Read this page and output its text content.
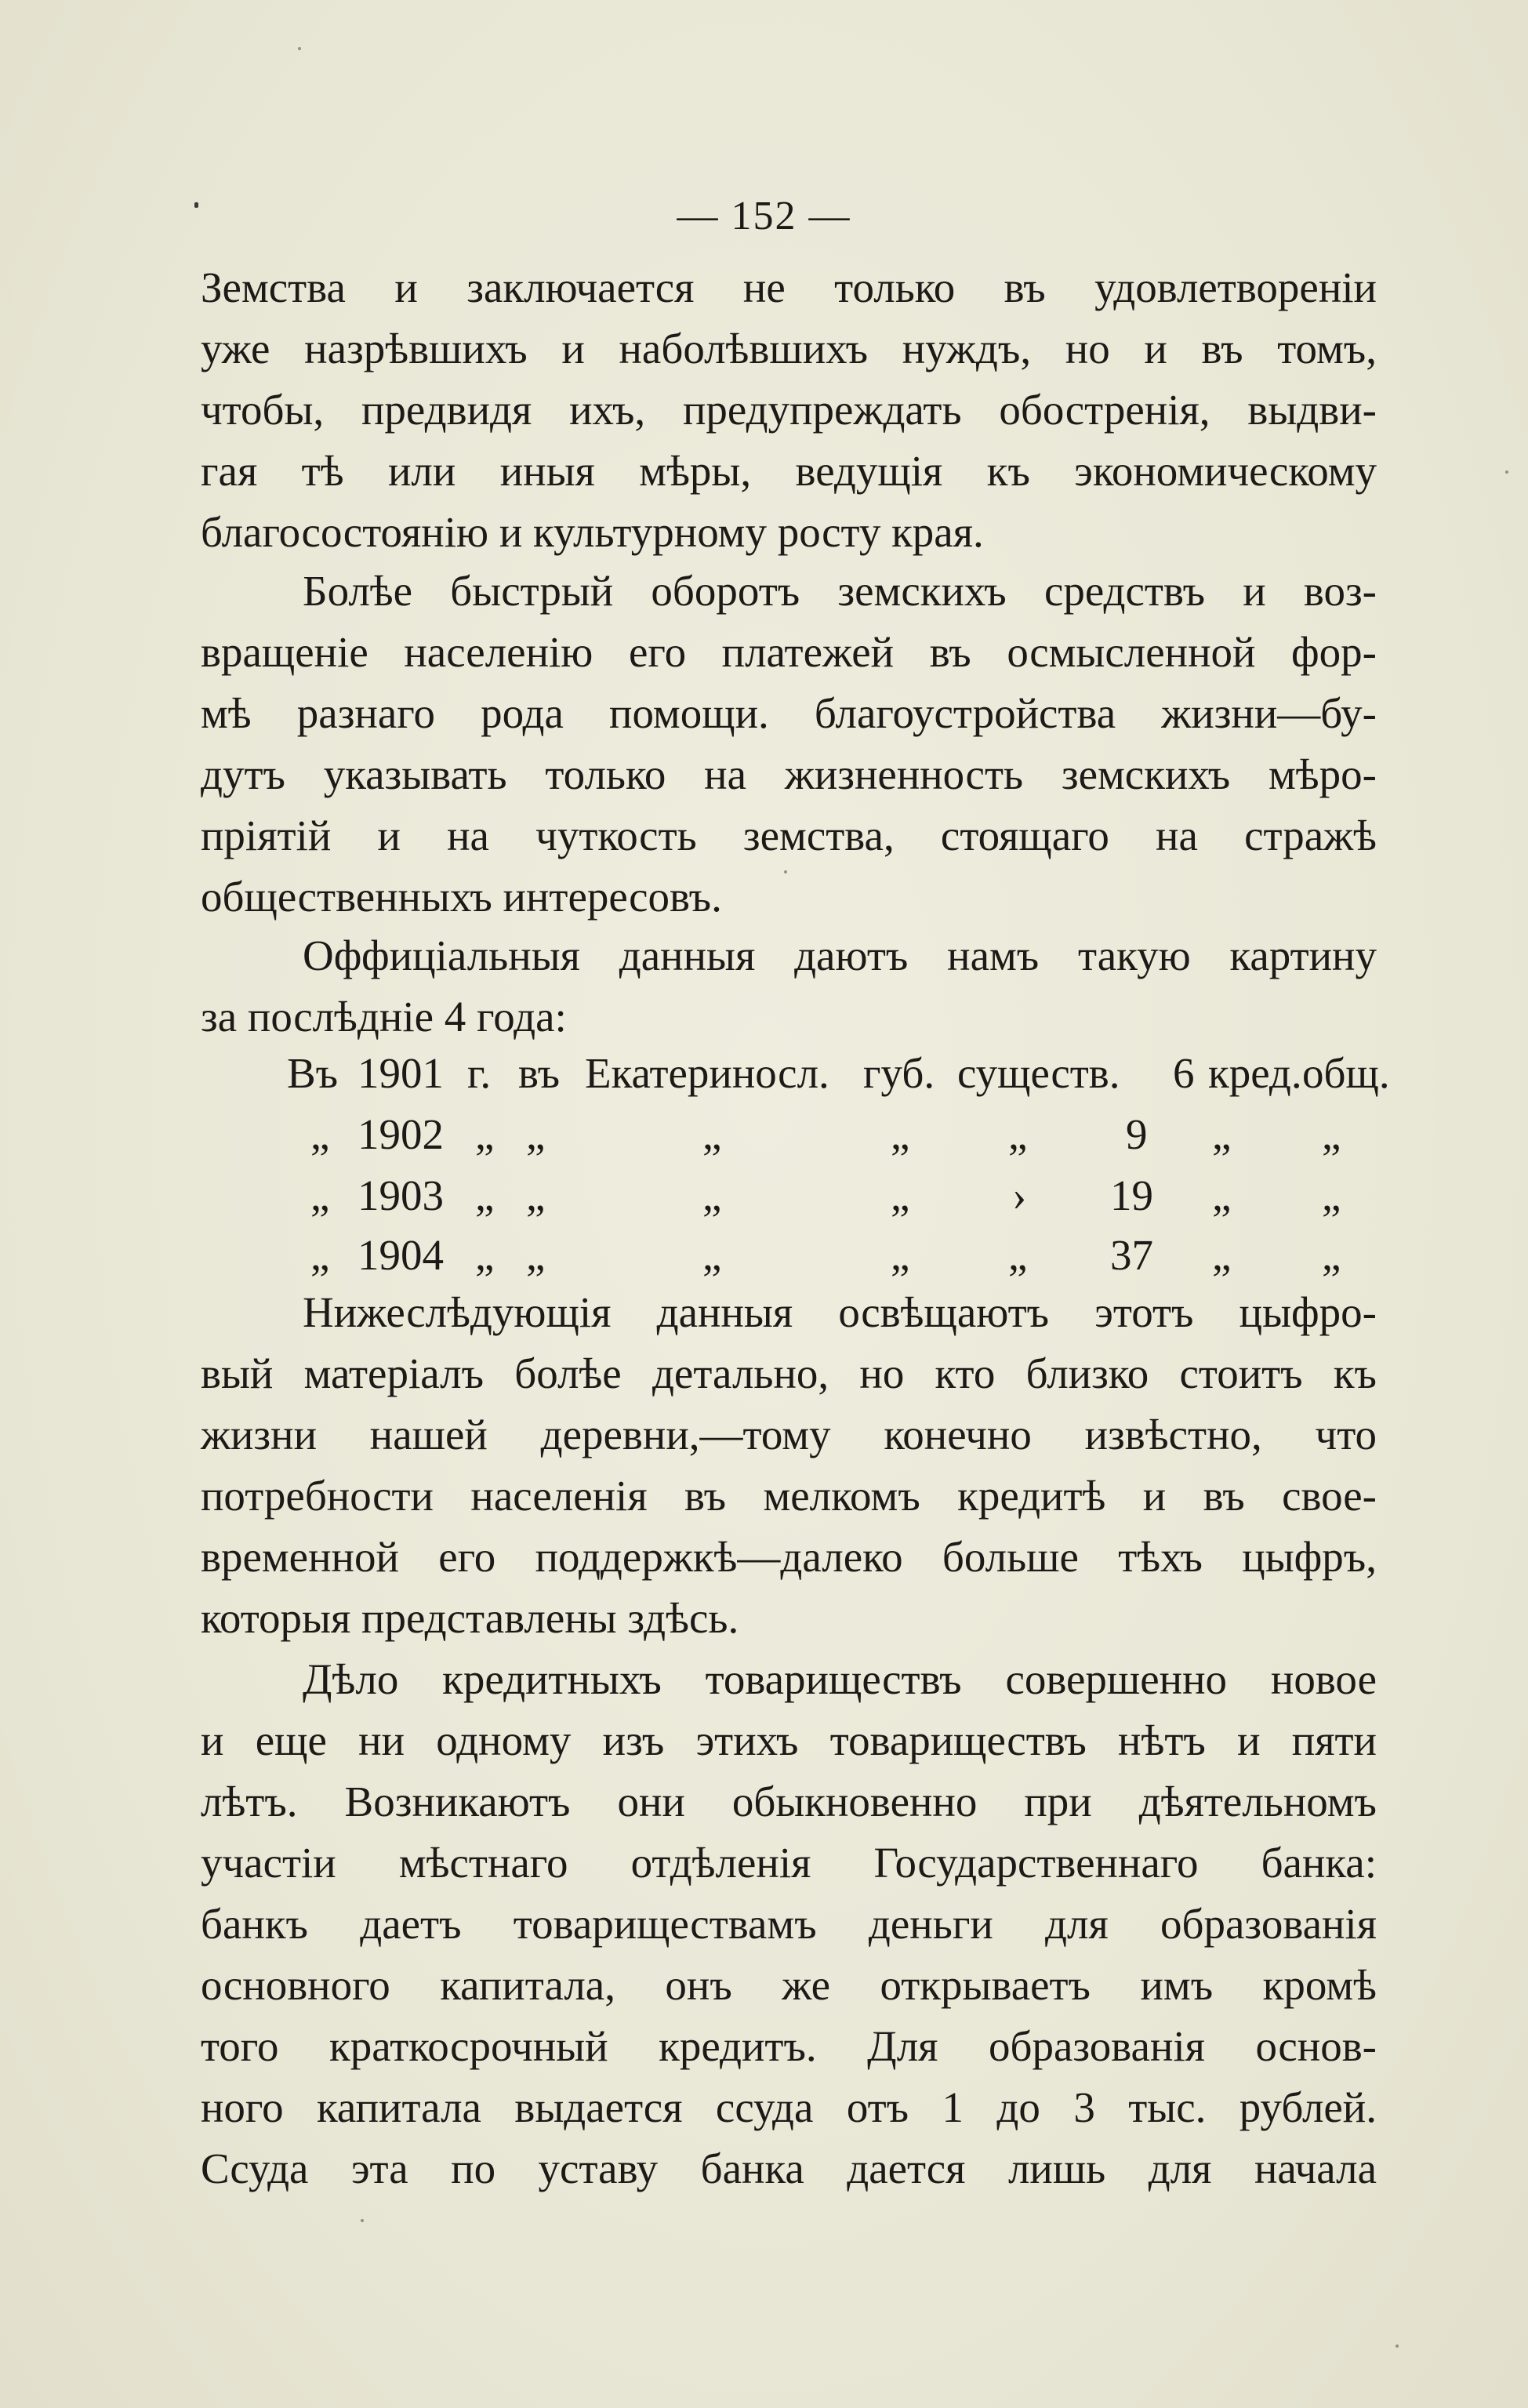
— 152 —
Земства и заключается не только въ удовлетвореніи
уже назрѣвшихъ и наболѣвшихъ нуждъ, но и въ томъ,
чтобы, предвидя ихъ, предупреждать обостренія, выдви-
гая тѣ или иныя мѣры, ведущія къ экономическому
благосостоянію и культурному росту края.
Болѣе быстрый оборотъ земскихъ средствъ и воз-
вращеніе населенію его платежей въ осмысленной фор-
мѣ разнаго рода помощи. благоустройства жизни—бу-
дутъ указывать только на жизненность земскихъ мѣро-
пріятій и на чуткость земства, стоящаго на стражѣ
общественныхъ интересовъ.
Оффиціальныя данныя даютъ намъ такую картину
за послѣдніе 4 года:
Въ 1901 г. въ Екатериносл. губ. существ. 6 кред. общ.
„ 1902 „ „	„	„ „ 9 „ „
„ 1903 „ „	„	„ › 19 „ „
„ 1904 „ „	„	„ „ 37 „ „
Нижеслѣдующія данныя освѣщаютъ этотъ цыфро-
вый матеріалъ болѣе детально, но кто близко стоитъ къ
жизни нашей деревни,—тому конечно извѣстно, что
потребности населенія въ мелкомъ кредитѣ и въ свое-
временной его поддержкѣ—далеко больше тѣхъ цыфръ,
которыя представлены здѣсь.
Дѣло кредитныхъ товариществъ совершенно новое
и еще ни одному изъ этихъ товариществъ нѣтъ и пяти
лѣтъ. Возникаютъ они обыкновенно при дѣятельномъ
участіи мѣстнаго отдѣленія Государственнаго банка:
банкъ даетъ товариществамъ деньги для образованія
основного капитала, онъ же открываетъ имъ кромѣ
того краткосрочный кредитъ. Для образованія основ-
ного капитала выдается ссуда отъ 1 до 3 тыс. рублей.
Ссуда эта по уставу банка дается лишь для начала
